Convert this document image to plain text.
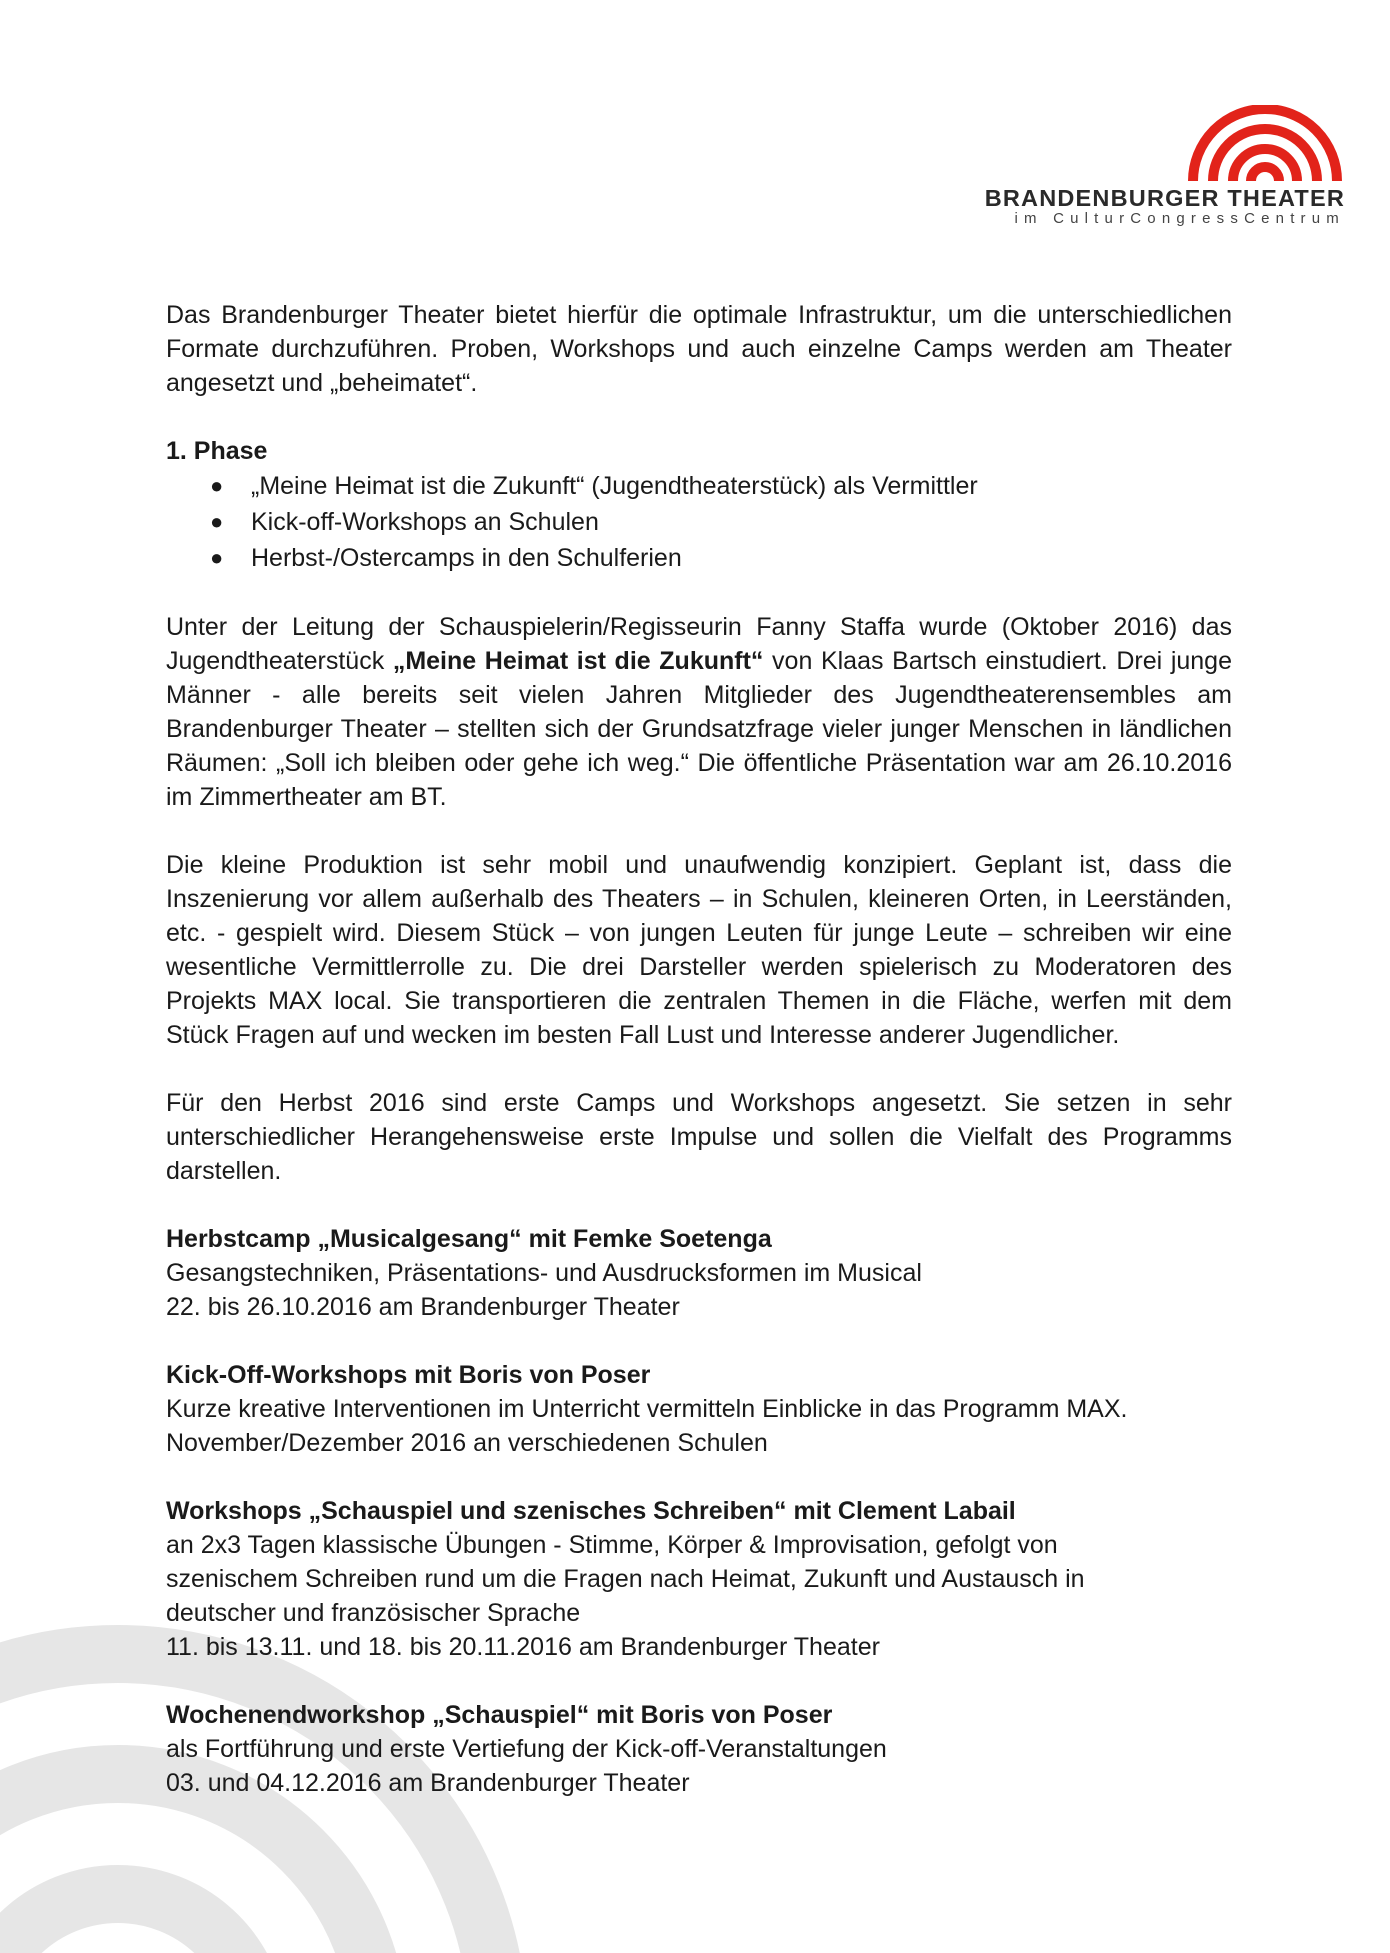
BRANDENBURGER THEATER
im CulturCongressCentrum

Das Brandenburger Theater bietet hierfür die optimale Infrastruktur, um die unterschiedlichen Formate durchzuführen. Proben, Workshops und auch einzelne Camps werden am Theater angesetzt und „beheimatet“.

1. Phase
● „Meine Heimat ist die Zukunft“ (Jugendtheaterstück) als Vermittler
● Kick-off-Workshops an Schulen
● Herbst-/Ostercamps in den Schulferien

Unter der Leitung der Schauspielerin/Regisseurin Fanny Staffa wurde (Oktober 2016) das Jugendtheaterstück „Meine Heimat ist die Zukunft“ von Klaas Bartsch einstudiert. Drei junge Männer - alle bereits seit vielen Jahren Mitglieder des Jugendtheaterensembles am Brandenburger Theater – stellten sich der Grundsatzfrage vieler junger Menschen in ländlichen Räumen: „Soll ich bleiben oder gehe ich weg.“ Die öffentliche Präsentation war am 26.10.2016 im Zimmertheater am BT.

Die kleine Produktion ist sehr mobil und unaufwendig konzipiert. Geplant ist, dass die Inszenierung vor allem außerhalb des Theaters – in Schulen, kleineren Orten, in Leerständen, etc. - gespielt wird. Diesem Stück – von jungen Leuten für junge Leute – schreiben wir eine wesentliche Vermittlerrolle zu. Die drei Darsteller werden spielerisch zu Moderatoren des Projekts MAX local. Sie transportieren die zentralen Themen in die Fläche, werfen mit dem Stück Fragen auf und wecken im besten Fall Lust und Interesse anderer Jugendlicher.

Für den Herbst 2016 sind erste Camps und Workshops angesetzt. Sie setzen in sehr unterschiedlicher Herangehensweise erste Impulse und sollen die Vielfalt des Programms darstellen.

Herbstcamp „Musicalgesang“ mit Femke Soetenga
Gesangstechniken, Präsentations- und Ausdrucksformen im Musical
22. bis 26.10.2016 am Brandenburger Theater
Kick-Off-Workshops mit Boris von Poser
Kurze kreative Interventionen im Unterricht vermitteln Einblicke in das Programm MAX.
November/Dezember 2016 an verschiedenen Schulen
Workshops „Schauspiel und szenisches Schreiben“ mit Clement Labail
an 2x3 Tagen klassische Übungen - Stimme, Körper & Improvisation, gefolgt von
szenischem Schreiben rund um die Fragen nach Heimat, Zukunft und Austausch in
deutscher und französischer Sprache
11. bis 13.11. und 18. bis 20.11.2016 am Brandenburger Theater
Wochenendworkshop „Schauspiel“ mit Boris von Poser
als Fortführung und erste Vertiefung der Kick-off-Veranstaltungen
03. und 04.12.2016 am Brandenburger Theater
